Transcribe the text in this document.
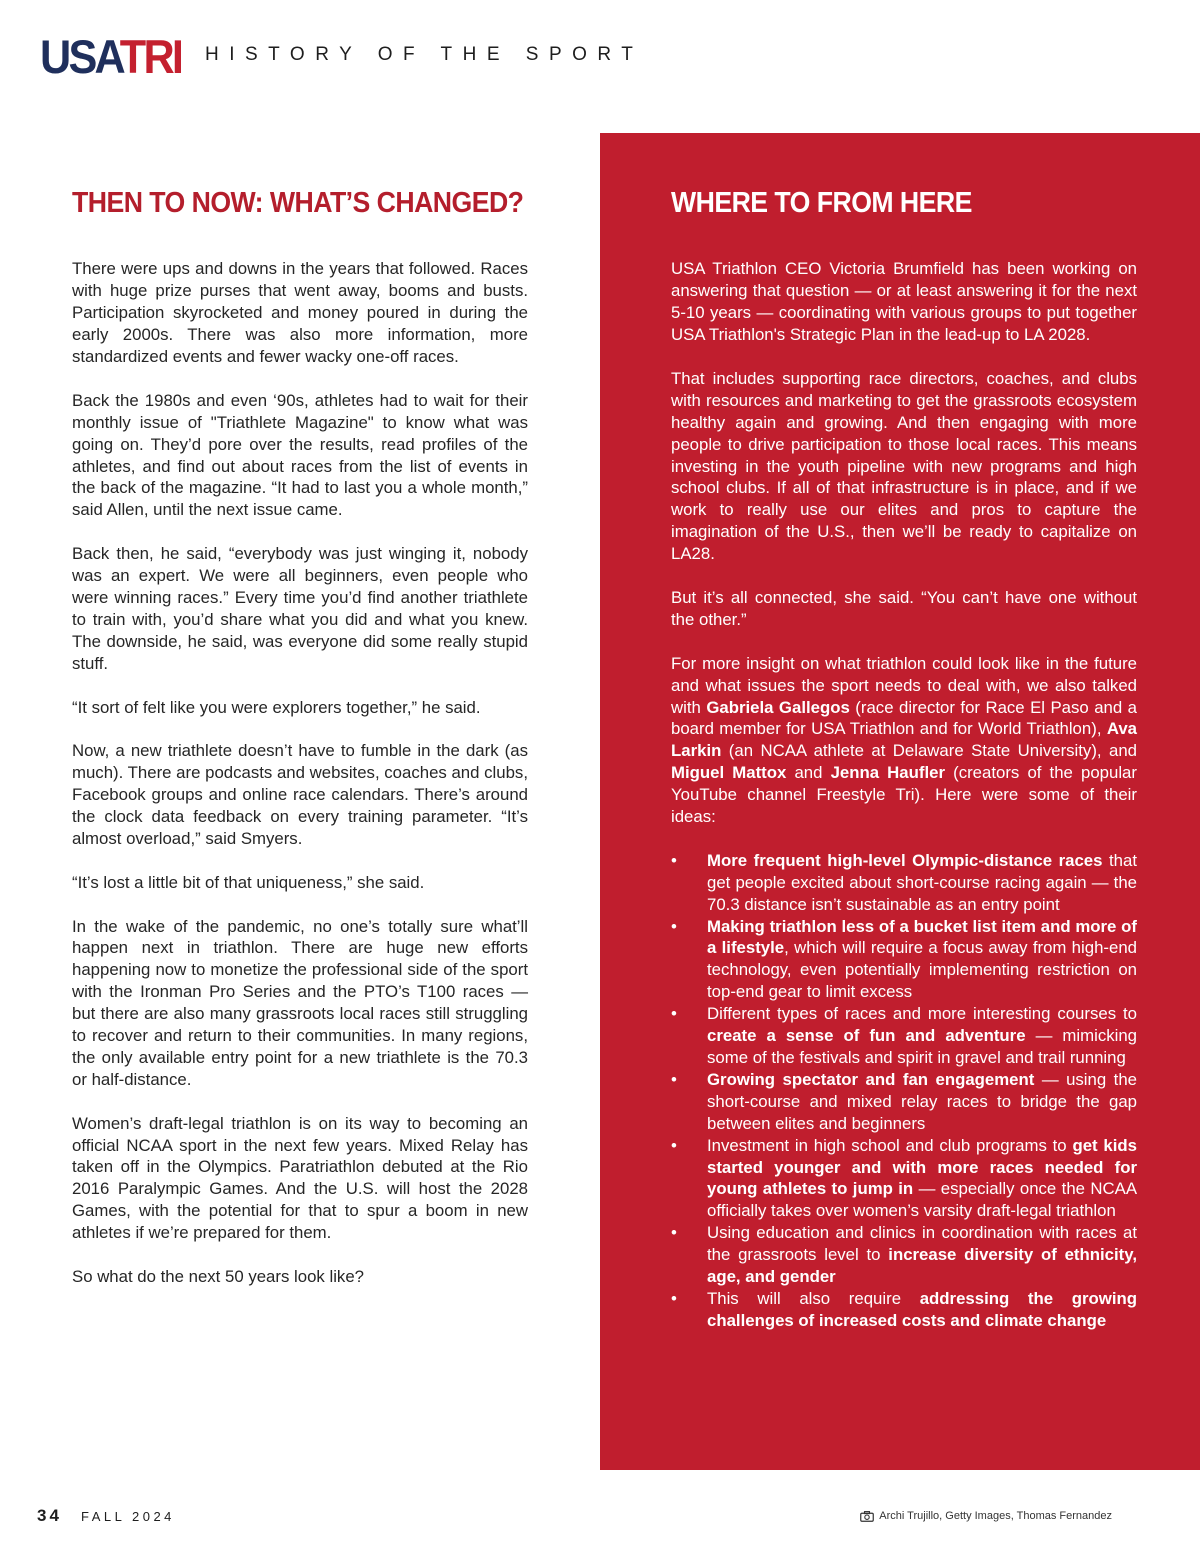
USATRI HISTORY OF THE SPORT
THEN TO NOW: WHAT’S CHANGED?

There were ups and downs in the years that followed. Races with huge prize purses that went away, booms and busts. Participation skyrocketed and money poured in during the early 2000s. There was also more information, more standardized events and fewer wacky one-off races.

Back the 1980s and even ‘90s, athletes had to wait for their monthly issue of "Triathlete Magazine" to know what was going on. They’d pore over the results, read profiles of the athletes, and find out about races from the list of events in the back of the magazine. “It had to last you a whole month,” said Allen, until the next issue came.

Back then, he said, “everybody was just winging it, nobody was an expert. We were all beginners, even people who were winning races.” Every time you’d find another triathlete to train with, you’d share what you did and what you knew. The downside, he said, was everyone did some really stupid stuff.

“It sort of felt like you were explorers together,” he said.

Now, a new triathlete doesn’t have to fumble in the dark (as much). There are podcasts and websites, coaches and clubs, Facebook groups and online race calendars. There’s around the clock data feedback on every training parameter. “It’s almost overload,” said Smyers.

“It’s lost a little bit of that uniqueness,” she said.

In the wake of the pandemic, no one’s totally sure what’ll happen next in triathlon. There are huge new efforts happening now to monetize the professional side of the sport with the Ironman Pro Series and the PTO’s T100 races — but there are also many grassroots local races still struggling to recover and return to their communities. In many regions, the only available entry point for a new triathlete is the 70.3 or half-distance.

Women’s draft-legal triathlon is on its way to becoming an official NCAA sport in the next few years. Mixed Relay has taken off in the Olympics. Paratriathlon debuted at the Rio 2016 Paralympic Games. And the U.S. will host the 2028 Games, with the potential for that to spur a boom in new athletes if we’re prepared for them.

So what do the next 50 years look like?

WHERE TO FROM HERE

USA Triathlon CEO Victoria Brumfield has been working on answering that question — or at least answering it for the next 5-10 years — coordinating with various groups to put together USA Triathlon's Strategic Plan in the lead-up to LA 2028.

That includes supporting race directors, coaches, and clubs with resources and marketing to get the grassroots ecosystem healthy again and growing. And then engaging with more people to drive participation to those local races. This means investing in the youth pipeline with new programs and high school clubs. If all of that infrastructure is in place, and if we work to really use our elites and pros to capture the imagination of the U.S., then we’ll be ready to capitalize on LA28.

But it’s all connected, she said. “You can’t have one without the other.”

For more insight on what triathlon could look like in the future and what issues the sport needs to deal with, we also talked with Gabriela Gallegos (race director for Race El Paso and a board member for USA Triathlon and for World Triathlon), Ava Larkin (an NCAA athlete at Delaware State University), and Miguel Mattox and Jenna Haufler (creators of the popular YouTube channel Freestyle Tri). Here were some of their ideas:

• More frequent high-level Olympic-distance races that get people excited about short-course racing again — the 70.3 distance isn’t sustainable as an entry point
• Making triathlon less of a bucket list item and more of a lifestyle, which will require a focus away from high-end technology, even potentially implementing restriction on top-end gear to limit excess
• Different types of races and more interesting courses to create a sense of fun and adventure — mimicking some of the festivals and spirit in gravel and trail running
• Growing spectator and fan engagement — using the short-course and mixed relay races to bridge the gap between elites and beginners
• Investment in high school and club programs to get kids started younger and with more races needed for young athletes to jump in — especially once the NCAA officially takes over women’s varsity draft-legal triathlon
• Using education and clinics in coordination with races at the grassroots level to increase diversity of ethnicity, age, and gender
• This will also require addressing the growing challenges of increased costs and climate change
34 FALL 2024	Archi Trujillo, Getty Images, Thomas Fernandez
